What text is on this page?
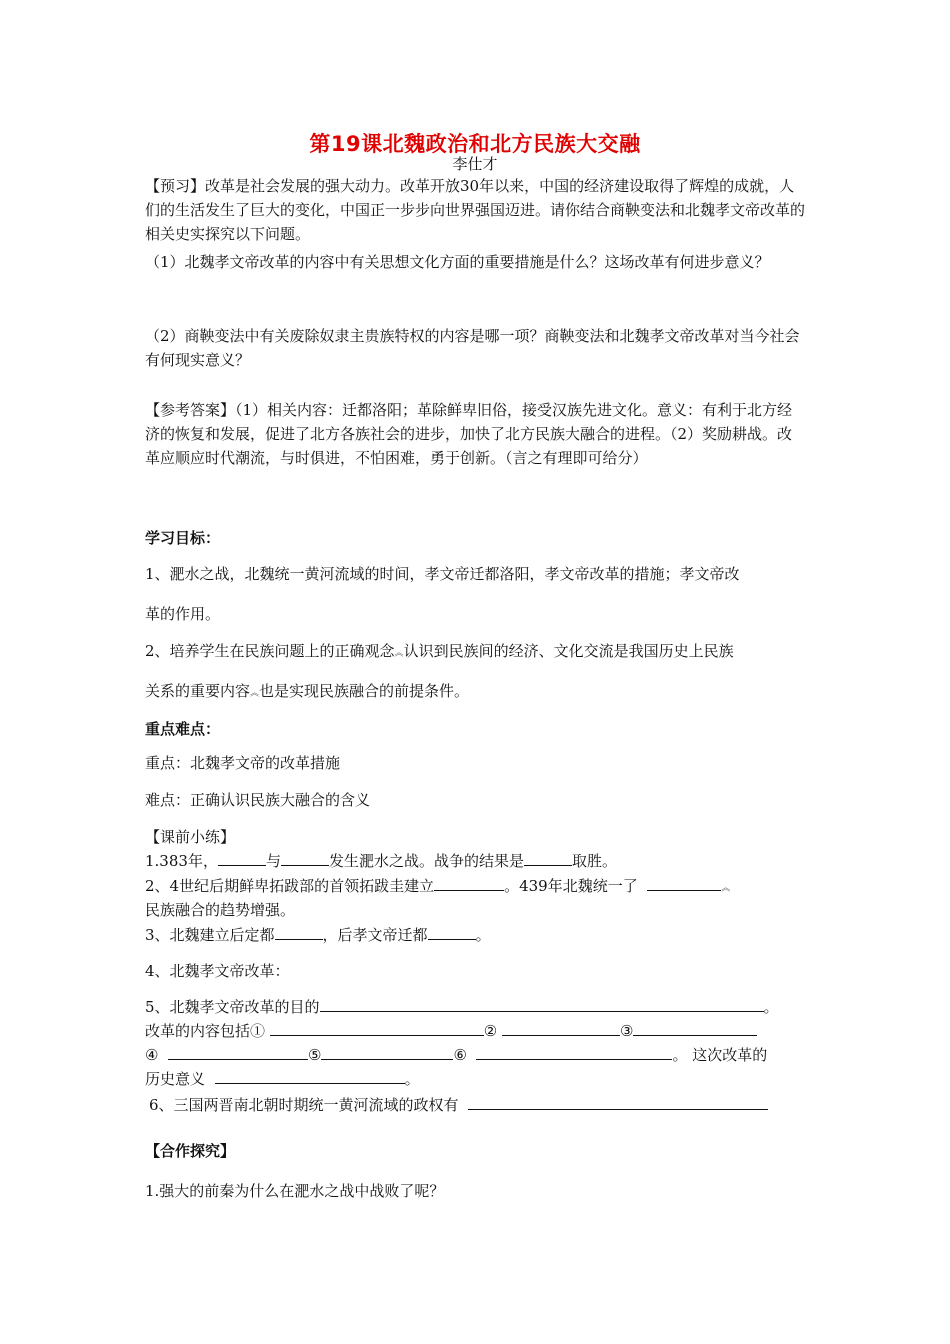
第19课北魏政治和北方民族大交融
李仕才
【预习】改革是社会发展的强大动力。改革开放30年以来，中国的经济建设取得了辉煌的成就，人们的生活发生了巨大的变化，中国正一步步向世界强国迈进。请你结合商鞅变法和北魏孝文帝改革的相关史实探究以下问题。
（1）北魏孝文帝改革的内容中有关思想文化方面的重要措施是什么？这场改革有何进步意义？
（2）商鞅变法中有关废除奴隶主贵族特权的内容是哪一项？商鞅变法和北魏孝文帝改革对当今社会有何现实意义？
【参考答案】（1）相关内容：迁都洛阳；革除鲜卑旧俗，接受汉族先进文化。意义：有利于北方经济的恢复和发展，促进了北方各族社会的进步，加快了北方民族大融合的进程。（2）奖励耕战。改革应顺应时代潮流，与时俱进，不怕困难，勇于创新。（言之有理即可给分）
学习目标：
1、淝水之战，北魏统一黄河流域的时间，孝文帝迁都洛阳，孝文帝改革的措施；孝文帝改
革的作用。
2、培养学生在民族问题上的正确观念︽认识到民族间的经济、文化交流是我国历史上民族
关系的重要内容︽也是实现民族融合的前提条件。
重点难点：
重点：北魏孝文帝的改革措施
难点：正确认识民族大融合的含义
【课前小练】
1.383年，	与	发生淝水之战。战争的结果是	取胜。
2、4世纪后期鲜卑拓跋部的首领拓跋圭建立	。439年北魏统一了	︽
民族融合的趋势增强。
3、北魏建立后定都	，后孝文帝迁都	。
4、北魏孝文帝改革：
5、北魏孝文帝改革的目的	。
改革的内容包括①	②	③
④	⑤	⑥	。 这次改革的
历史意义	。
6、三国两晋南北朝时期统一黄河流域的政权有
【合作探究】
1.强大的前秦为什么在淝水之战中战败了呢？
